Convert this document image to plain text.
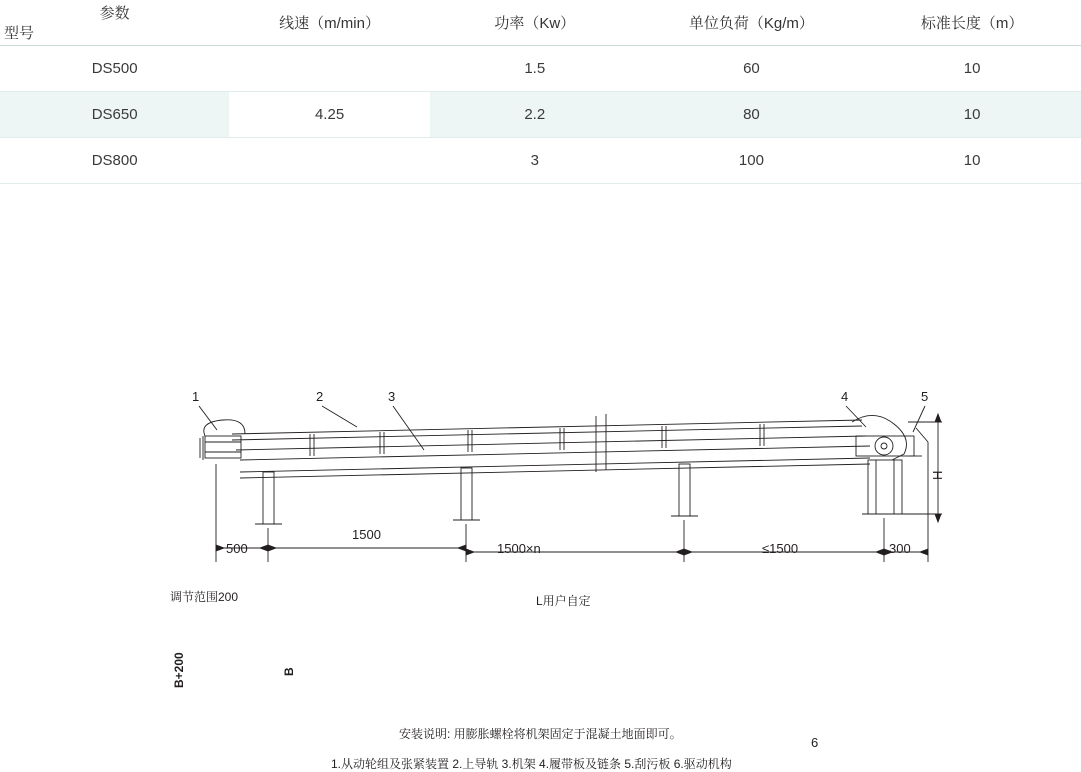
参数
型号	线速（m/min）	功率（Kw）	单位负荷（Kg/m）	标准长度（m）
DS500		1.5	60	10
DS650	4.25	2.2	80	10
DS800		3	100	10
1	2	3	4	5
6
500
1500
1500×n	≤1500	300
H
调节范围200	L用户自定
B+200	B
安装说明: 用膨胀螺栓将机架固定于混凝土地面即可。
1.从动轮组及张紧装置 2.上导轨 3.机架 4.履带板及链条 5.刮污板 6.驱动机构
